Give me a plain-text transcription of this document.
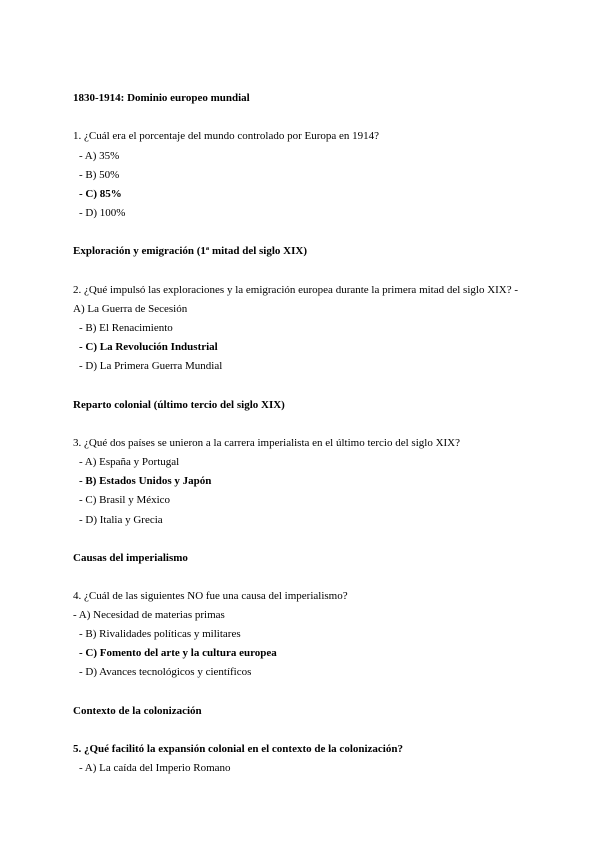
1830-1914: Dominio europeo mundial
1. ¿Cuál era el porcentaje del mundo controlado por Europa en 1914?
- A) 35%
- B) 50%
- C) 85%
- D) 100%
Exploración y emigración (1ª mitad del siglo XIX)
2. ¿Qué impulsó las exploraciones y la emigración europea durante la primera mitad del siglo XIX? -
A) La Guerra de Secesión
- B) El Renacimiento
- C) La Revolución Industrial
- D) La Primera Guerra Mundial
Reparto colonial (último tercio del siglo XIX)
3. ¿Qué dos países se unieron a la carrera imperialista en el último tercio del siglo XIX?
- A) España y Portugal
- B) Estados Unidos y Japón
- C) Brasil y México
- D) Italia y Grecia
Causas del imperialismo
4. ¿Cuál de las siguientes NO fue una causa del imperialismo?
- A) Necesidad de materias primas
- B) Rivalidades políticas y militares
- C) Fomento del arte y la cultura europea
- D) Avances tecnológicos y científicos
Contexto de la colonización
5. ¿Qué facilitó la expansión colonial en el contexto de la colonización?
- A) La caída del Imperio Romano
